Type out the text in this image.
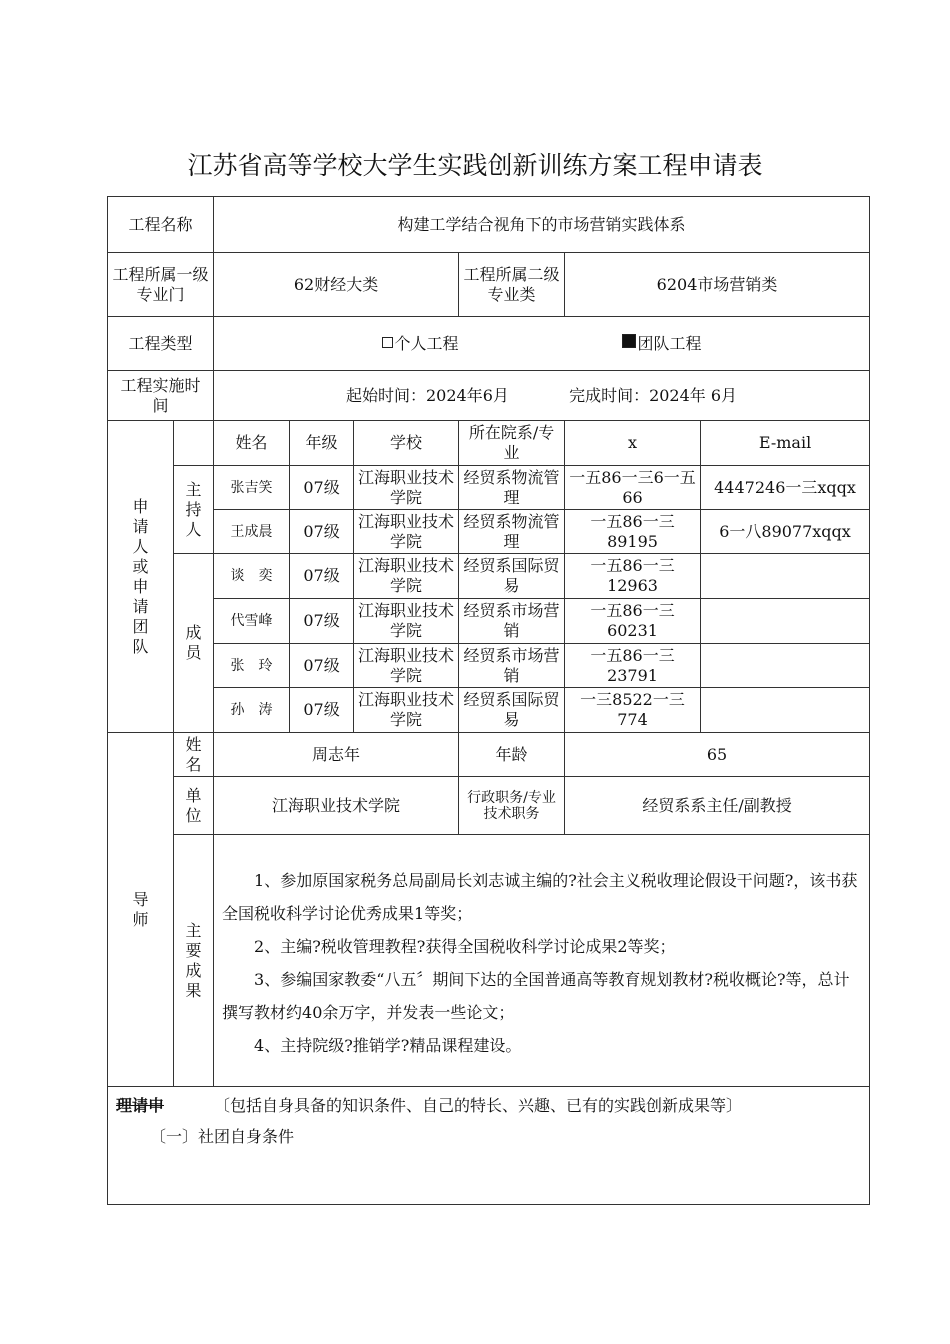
江苏省高等学校大学生实践创新训练方案工程申请表
工程名称		构建工学结合视角下的市场营销实践体系					
工程所属一级专业门		62财经大类			工程所属二级专业类	6204市场营销类	
工程类型		个人工程 团队工程					
工程实施时　　间		起始时间：2024年6月 完成时间：2024年 6月					

申请人或申请团队		姓名	年级	学校	所在院系/专业	x	E-mail

	主持人	张吉笑	07级	江海职业技术学院	经贸系物流管理	一五86一三6一五66	4447246一三xqqx
		王成晨	07级	江海职业技术学院	经贸系物流管理	一五86一三89195	6一八89077xqqx

	成员	谈　奕	07级	江海职业技术学院	经贸系国际贸易	一五86一三12963	
		代雪峰	07级	江海职业技术学院	经贸系市场营销	一五86一三60231	
		张　玲	07级	江海职业技术学院	经贸系市场营销	一五86一三23791	
		孙　涛	07级	江海职业技术学院	经贸系国际贸易	一三8522一三774	

导　师	姓名	周志年			年龄	65	

	单位	江海职业技术学院			行政职务/专业技术职务	经贸系系主任/副教授	

	主要成果	1、参加原国家税务总局副局长刘志诚主编的?社会主义税收理论假设干问题?，该书获全国税收科学讨论优秀成果1等奖；

2、主编?税收管理教程?获得全国税收科学讨论成果2等奖；

3、参编国家教委“八五〞期间下达的全国普通高等教育规划教材?税收概论?等，总计撰写教材约40余万字，并发表一些论文；

4、主持院级?推销学?精品课程建设。					

理请申 〔包括自身具备的知识条件、自己的特长、兴趣、已有的实践创新成果等〕
〔一〕社团自身条件							
